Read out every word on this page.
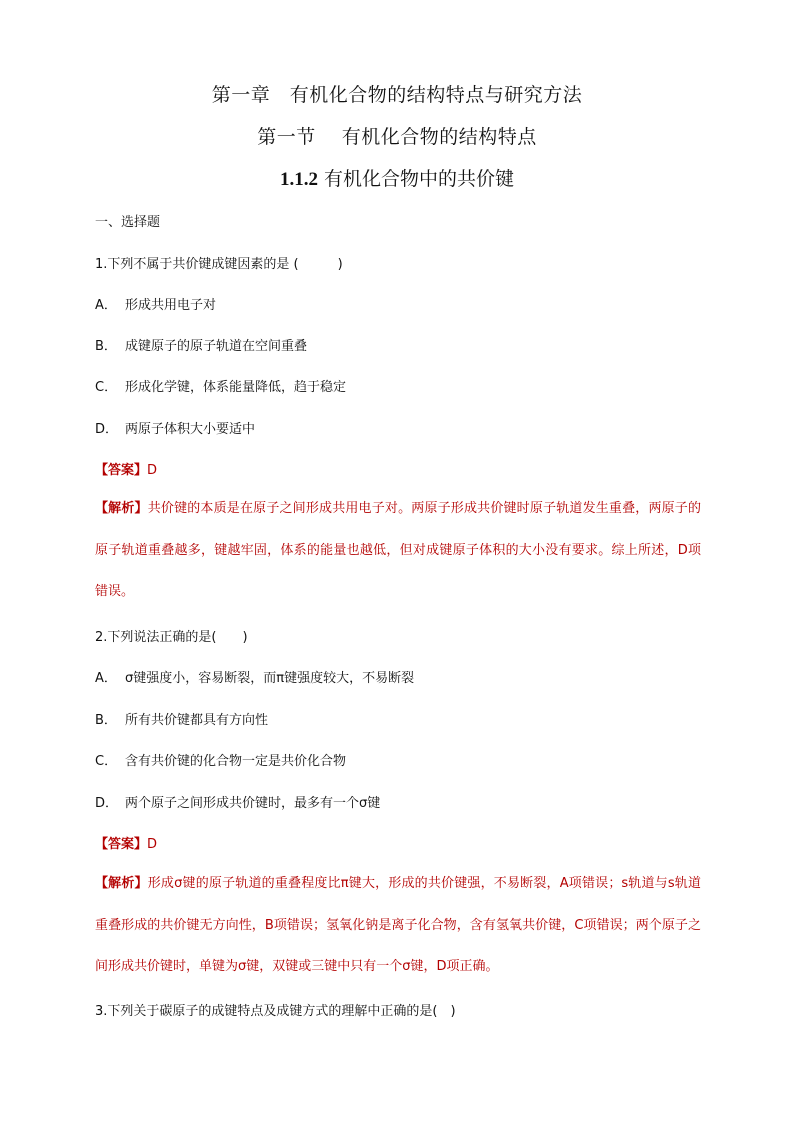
第一章　有机化合物的结构特点与研究方法
第一节 有机化合物的结构特点
1.1.2 有机化合物中的共价键
一、选择题
1.下列不属于共价键成键因素的是 (　　　)
A． 形成共用电子对
B． 成键原子的原子轨道在空间重叠
C． 形成化学键，体系能量降低，趋于稳定
D． 两原子体积大小要适中
【答案】D
【解析】共价键的本质是在原子之间形成共用电子对。两原子形成共价键时原子轨道发生重叠，两原子的原子轨道重叠越多，键越牢固，体系的能量也越低，但对成键原子体积的大小没有要求。综上所述，D项错误。
2.下列说法正确的是(　　)
A． σ键强度小，容易断裂，而π键强度较大，不易断裂
B． 所有共价键都具有方向性
C． 含有共价键的化合物一定是共价化合物
D． 两个原子之间形成共价键时，最多有一个σ键
【答案】D
【解析】形成σ键的原子轨道的重叠程度比π键大，形成的共价键强，不易断裂，A项错误；s轨道与s轨道重叠形成的共价键无方向性，B项错误；氢氧化钠是离子化合物，含有氢氧共价键，C项错误；两个原子之间形成共价键时，单键为σ键，双键或三键中只有一个σ键，D项正确。
3.下列关于碳原子的成键特点及成键方式的理解中正确的是(　)
